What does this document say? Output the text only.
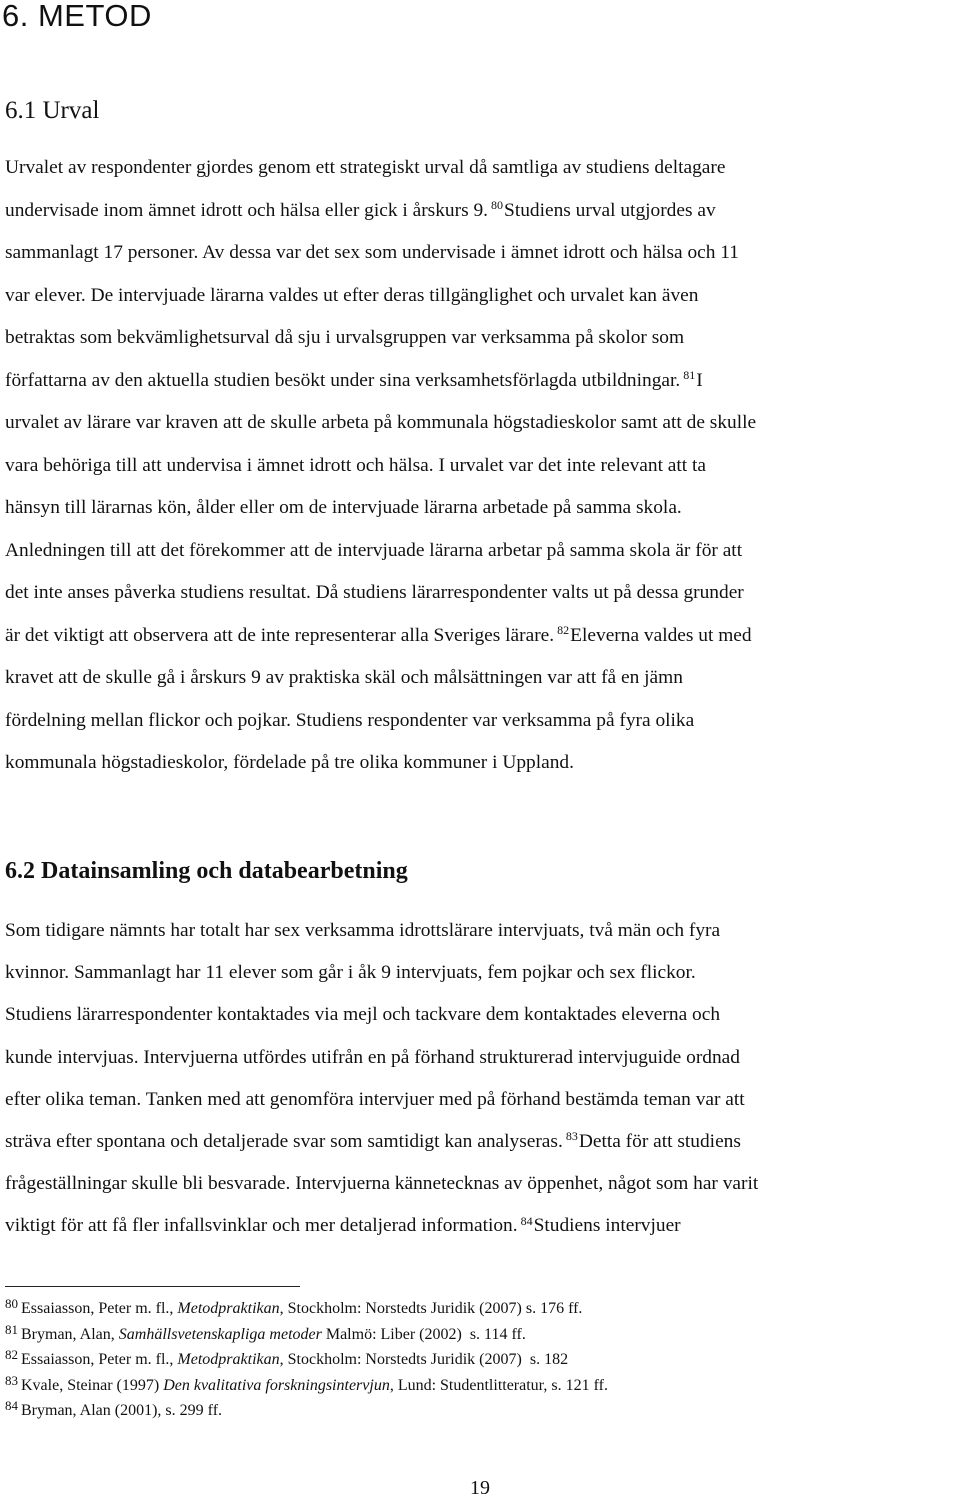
6. METOD
6.1 Urval
Urvalet av respondenter gjordes genom ett strategiskt urval då samtliga av studiens deltagare
undervisade inom ämnet idrott och hälsa eller gick i årskurs 9. $^{80}$Studiens urval utgjordes av
sammanlagt 17 personer. Av dessa var det sex som undervisade i ämnet idrott och hälsa och 11
var elever. De intervjuade lärarna valdes ut efter deras tillgänglighet och urvalet kan även
betraktas som bekvämlighetsurval då sju i urvalsgruppen var verksamma på skolor som
författarna av den aktuella studien besökt under sina verksamhetsförlagda utbildningar. $^{81}$I
urvalet av lärare var kraven att de skulle arbeta på kommunala högstadieskolor samt att de skulle
vara behöriga till att undervisa i ämnet idrott och hälsa. I urvalet var det inte relevant att ta
hänsyn till lärarnas kön, ålder eller om de intervjuade lärarna arbetade på samma skola.
Anledningen till att det förekommer att de intervjuade lärarna arbetar på samma skola är för att
det inte anses påverka studiens resultat. Då studiens lärarrespondenter valts ut på dessa grunder
är det viktigt att observera att de inte representerar alla Sveriges lärare. $^{82}$Eleverna valdes ut med
kravet att de skulle gå i årskurs 9 av praktiska skäl och målsättningen var att få en jämn
fördelning mellan flickor och pojkar. Studiens respondenter var verksamma på fyra olika
kommunala högstadieskolor, fördelade på tre olika kommuner i Uppland.
6.2 Datainsamling och databearbetning
Som tidigare nämnts har totalt har sex verksamma idrottslärare intervjuats, två män och fyra
kvinnor. Sammanlagt har 11 elever som går i åk 9 intervjuats, fem pojkar och sex flickor.
Studiens lärarrespondenter kontaktades via mejl och tackvare dem kontaktades eleverna och
kunde intervjuas. Intervjuerna utfördes utifrån en på förhand strukturerad intervjuguide ordnad
efter olika teman. Tanken med att genomföra intervjuer med på förhand bestämda teman var att
sträva efter spontana och detaljerade svar som samtidigt kan analyseras. $^{83}$Detta för att studiens
frågeställningar skulle bli besvarade. Intervjuerna kännetecknas av öppenhet, något som har varit
viktigt för att få fler infallsvinklar och mer detaljerad information. $^{84}$Studiens intervjuer
$^{80}$ Essaiasson, Peter m. fl., Metodpraktikan, Stockholm: Norstedts Juridik (2007) s. 176 ff.
$^{81}$ Bryman, Alan, Samhällsvetenskapliga metoder Malmö: Liber (2002)  s. 114 ff.
$^{82}$ Essaiasson, Peter m. fl., Metodpraktikan, Stockholm: Norstedts Juridik (2007)  s. 182
$^{83}$ Kvale, Steinar (1997) Den kvalitativa forskningsintervjun, Lund: Studentlitteratur, s. 121 ff.
$^{84}$ Bryman, Alan (2001), s. 299 ff.
19
